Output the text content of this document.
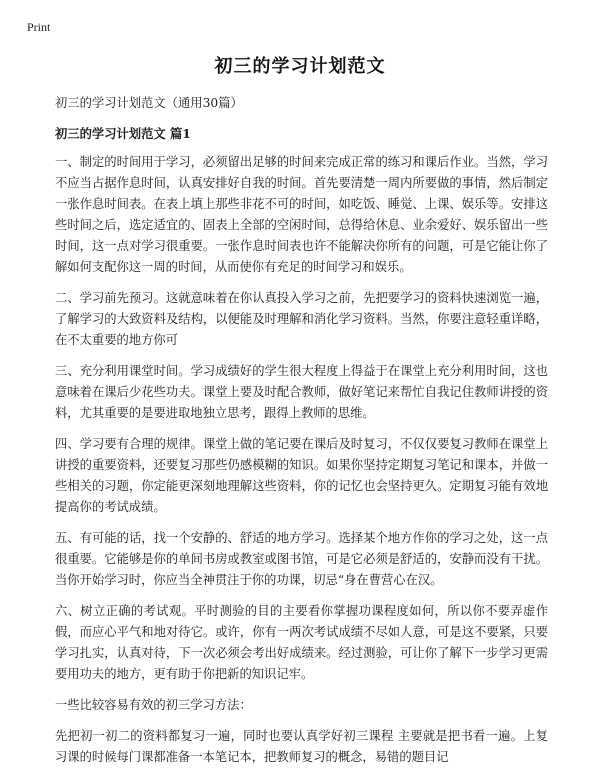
Print
初三的学习计划范文

初三的学习计划范文（通用30篇）

初三的学习计划范文 篇1

一、制定的时间用于学习，必须留出足够的时间来完成正常的练习和课后作业。当然，学习不应当占据作息时间，认真安排好自我的时间。首先要清楚一周内所要做的事情，然后制定一张作息时间表。在表上填上那些非花不可的时间，如吃饭、睡觉、上课、娱乐等。安排这些时间之后，选定适宜的、固表上全部的空闲时间，总得给休息、业余爱好、娱乐留出一些时间，这一点对学习很重要。一张作息时间表也许不能解决你所有的问题，可是它能让你了解如何支配你这一周的时间，从而使你有充足的时间学习和娱乐。

二、学习前先预习。这就意味着在你认真投入学习之前，先把要学习的资料快速浏览一遍，了解学习的大致资料及结构，以便能及时理解和消化学习资料。当然，你要注意轻重详略，在不太重要的地方你可

三、充分利用课堂时间。学习成绩好的学生很大程度上得益于在课堂上充分利用时间，这也意味着在课后少花些功夫。课堂上要及时配合教师，做好笔记来帮忙自我记住教师讲授的资料，尤其重要的是要进取地独立思考，跟得上教师的思维。

四、学习要有合理的规律。课堂上做的笔记要在课后及时复习，不仅仅要复习教师在课堂上讲授的重要资料，还要复习那些仍感模糊的知识。如果你坚持定期复习笔记和课本，并做一些相关的习题，你定能更深刻地理解这些资料，你的记忆也会坚持更久。定期复习能有效地提高你的考试成绩。

五、有可能的话，找一个安静的、舒适的地方学习。选择某个地方作你的学习之处，这一点很重要。它能够是你的单间书房或教室或图书馆，可是它必须是舒适的，安静而没有干扰。当你开始学习时，你应当全神贯注于你的功课，切忌“身在曹营心在汉。

六、树立正确的考试观。平时测验的目的主要看你掌握功课程度如何，所以你不要弄虚作假，而应心平气和地对待它。或许，你有一两次考试成绩不尽如人意，可是这不要紧，只要学习扎实，认真对待，下一次必须会考出好成绩来。经过测验，可让你了解下一步学习更需要用功夫的地方，更有助于你把新的知识记牢。

一些比较容易有效的初三学习方法：

先把初一初二的资料都复习一遍，同时也要认真学好初三课程 主要就是把书看一遍。上复习课的时候每门课都准备一本笔记本，把教师复习的概念，易错的题目记
